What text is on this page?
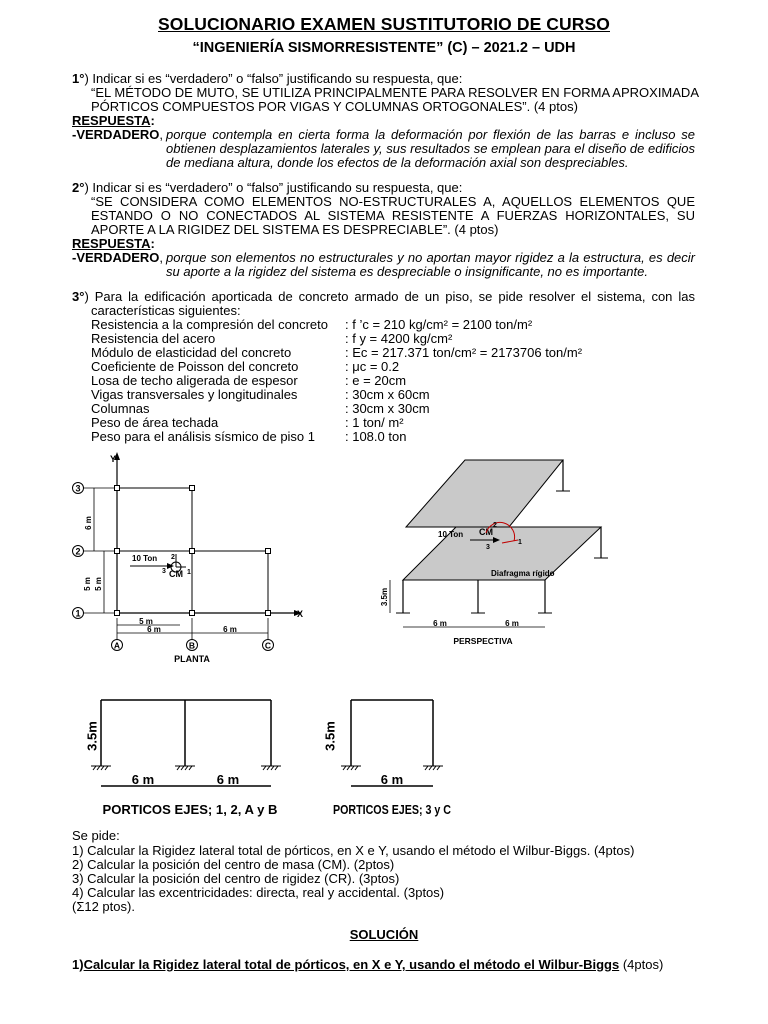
SOLUCIONARIO EXAMEN SUSTITUTORIO DE CURSO
“INGENIERÍA SISMORRESISTENTE” (C) – 2021.2 – UDH
1°) Indicar si es “verdadero” o “falso” justificando su respuesta, que:
“EL MÉTODO DE MUTO, SE UTILIZA PRINCIPALMENTE PARA RESOLVER EN FORMA APROXIMADA
PÓRTICOS COMPUESTOS POR VIGAS Y COLUMNAS ORTOGONALES”. (4 ptos)
RESPUESTA:
-VERDADERO, porque contempla en cierta forma la deformación por flexión de las barras e incluso se
obtienen desplazamientos laterales y, sus resultados se emplean para el diseño de edificios
de mediana altura, donde los efectos de la deformación axial son despreciables.
2°) Indicar si es “verdadero” o “falso” justificando su respuesta, que:
“SE CONSIDERA COMO ELEMENTOS NO-ESTRUCTURALES A, AQUELLOS ELEMENTOS QUE
ESTANDO O NO CONECTADOS AL SISTEMA RESISTENTE A FUERZAS HORIZONTALES, SU
APORTE A LA RIGIDEZ DEL SISTEMA ES DESPRECIABLE”. (4 ptos)
RESPUESTA:
-VERDADERO, porque son elementos no estructurales y no aportan mayor rigidez a la estructura, es decir
su aporte a la rigidez del sistema es despreciable o insignificante, no es importante.
3°) Para la edificación aporticada de concreto armado de un piso, se pide resolver el sistema, con las
características siguientes:
Resistencia a la compresión del concreto : f ’c = 210 kg/cm² = 2100 ton/m²
Resistencia del acero	: f y = 4200 kg/cm²
Módulo de elasticidad del concreto	: Ec = 217.371 ton/cm² = 2173706 ton/m²
Coeficiente de Poisson del concreto	: μc = 0.2
Losa de techo aligerada de espesor	: e = 20cm
Vigas transversales y longitudinales	: 30cm x 60cm
Columnas	: 30cm x 30cm
Peso de área techada	: 1 ton/ m²
Peso para el análisis sísmico de piso 1 : 108.0 ton
Y
X
3
2
1
A	B	C
6 m
5 m 5 m
5 m
6 m	6 m
10 Ton 2
1
3 CM
PLANTA
3.5m
6 m	6 m
PERSPECTIVA
10 Ton CM
2
1
3
Diafragma rígido
3.5m
6 m	6 m
PORTICOS EJES; 1, 2, A y B
3.5m
6 m
PORTICOS EJES; 3 y C
Se pide:
1) Calcular la Rigidez lateral total de pórticos, en X e Y, usando el método el Wilbur-Biggs. (4ptos)
2) Calcular la posición del centro de masa (CM). (2ptos)
3) Calcular la posición del centro de rigidez (CR). (3ptos)
4) Calcular las excentricidades: directa, real y accidental. (3ptos)
(Σ12 ptos).
SOLUCIÓN
1)Calcular la Rigidez lateral total de pórticos, en X e Y, usando el método el Wilbur-Biggs (4ptos)
